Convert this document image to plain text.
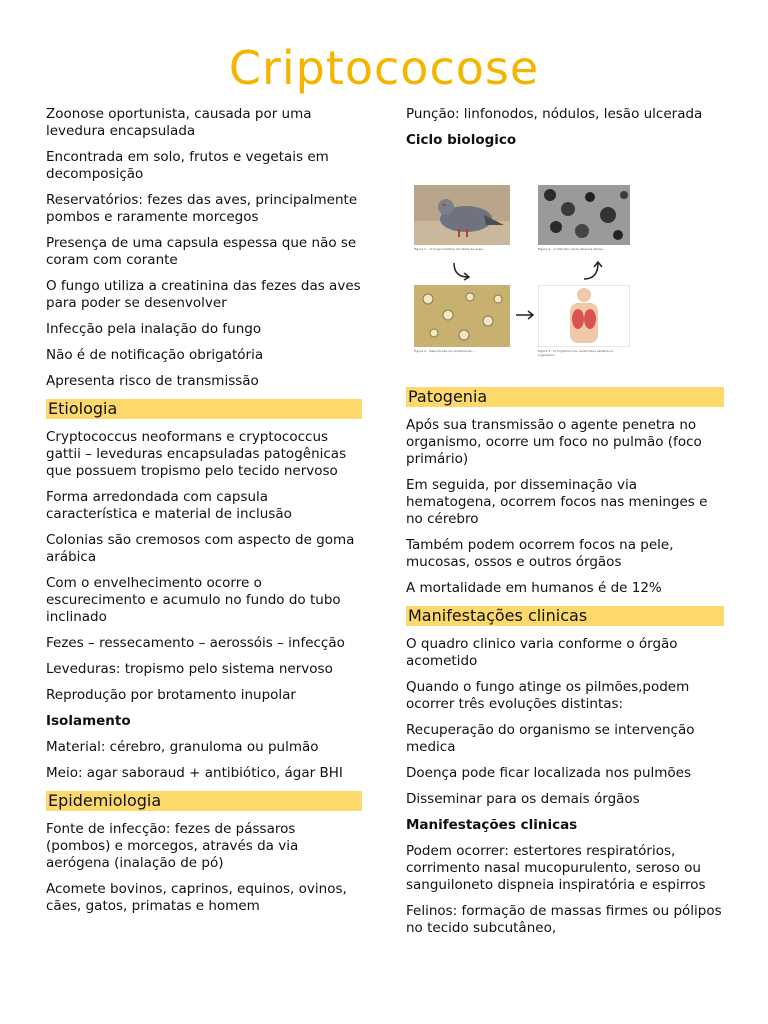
Criptococose

Zoonose oportunista, causada por uma levedura encapsulada

Encontrada em solo, frutos e vegetais em decomposição

Reservatórios: fezes das aves, principalmente pombos e raramente morcegos

Presença de uma capsula espessa que não se coram com corante

O fungo utiliza a creatinina das fezes das aves para poder se desenvolver

Infecção pela inalação do fungo

Não é de notificação obrigatória

Apresenta risco de transmissão

Etiologia

Cryptococcus neoformans e cryptococcus gattii – leveduras encapsuladas patogênicas que possuem tropismo pelo tecido nervoso

Forma arredondada com capsula característica e material de inclusão

Colonias são cremosos com aspecto de goma arábica

Com o envelhecimento ocorre o escurecimento e acumulo no fundo do tubo inclinado

Fezes – ressecamento – aerossóis – infecção

Leveduras: tropismo pelo sistema nervoso

Reprodução por brotamento inupolar

Isolamento

Material: cérebro, granuloma ou pulmão

Meio: agar saboraud + antibiótico, ágar BHI

Epidemiologia

Fonte de infecção: fezes de pássaros (pombos) e morcegos, através da via aerógena (inalação de pó)

Acomete bovinos, caprinos, equinos, ovinos, cães, gatos, primatas e homem

Punção: linfonodos, nódulos, lesão ulcerada

Ciclo biologico

Figura 1 – O fungo prolifera em fezes de aves...	Figura 4 – A infecção causa diversos danos...
Figura 2 – Reprodução por brotamento...	Figura 3 – O Cryptococcus neoformans penetra no organismo...
Patogenia

Após sua transmissão o agente penetra no organismo, ocorre um foco no pulmão (foco primário)

Em seguida, por disseminação via hematogena, ocorrem focos nas meninges e no cérebro

Também podem ocorrem focos na pele, mucosas, ossos e outros órgãos

A mortalidade em humanos é de 12%

Manifestações clinicas

O quadro clinico varia conforme o órgão acometido

Quando o fungo atinge os pilmões,podem ocorrer três evoluções distintas:

Recuperação do organismo se intervenção medica

Doença pode ficar localizada nos pulmões

Disseminar para os demais órgãos

Manifestações clinicas

Podem ocorrer: estertores respiratórios, corrimento nasal mucopurulento, seroso ou sanguiloneto dispneia inspiratória e espirros

Felinos: formação de massas firmes ou pólipos no tecido subcutâneo,
